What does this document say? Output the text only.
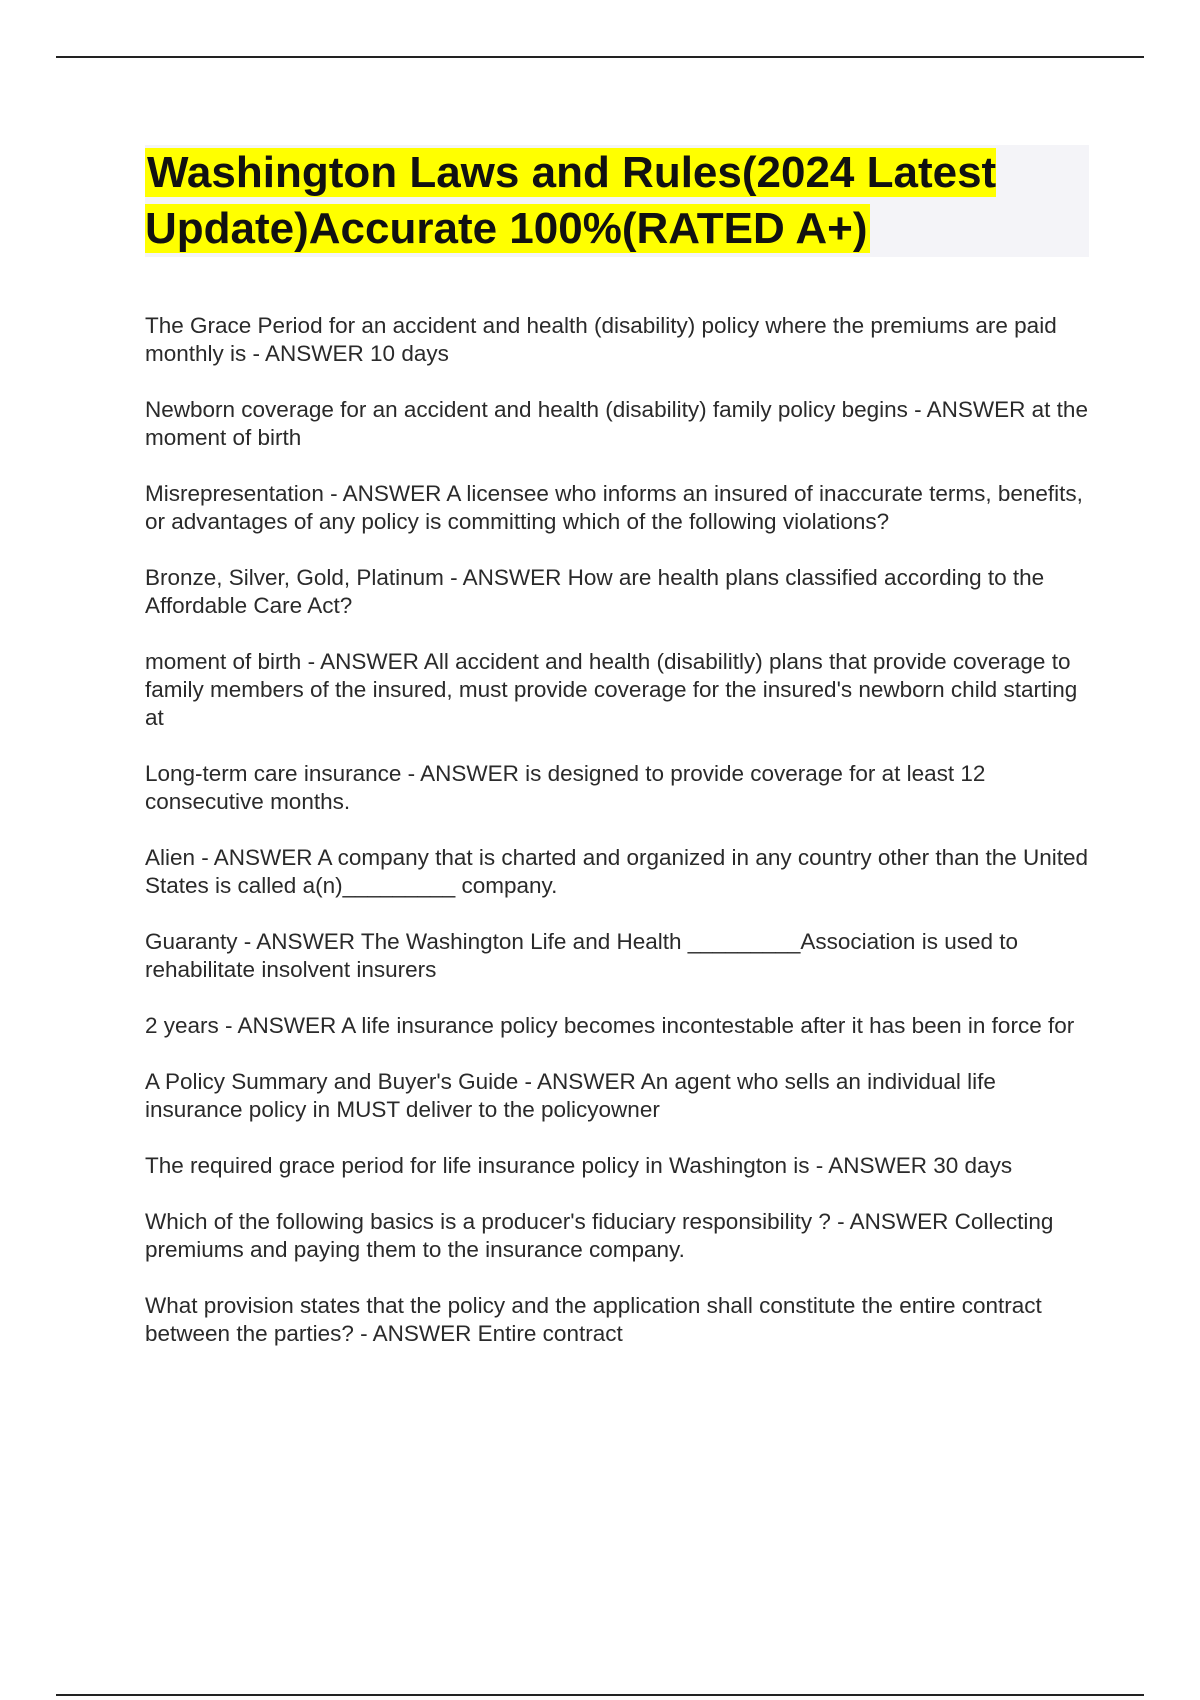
Washington Laws and Rules(2024 Latest Update)Accurate 100%(RATED A+)
The Grace Period for an accident and health (disability) policy where the premiums are paid monthly is - ANSWER 10 days
Newborn coverage for an accident and health (disability) family policy begins - ANSWER at the moment of birth
Misrepresentation - ANSWER A licensee who informs an insured of inaccurate terms, benefits, or advantages of any policy is committing which of the following violations?
Bronze, Silver, Gold, Platinum - ANSWER How are health plans classified according to the Affordable Care Act?
moment of birth - ANSWER All accident and health (disabilitly) plans that provide coverage to family members of the insured, must provide coverage for the insured's newborn child starting at
Long-term care insurance - ANSWER is designed to provide coverage for at least 12 consecutive months.
Alien - ANSWER A company that is charted and organized in any country other than the United States is called a(n)_________ company.
Guaranty - ANSWER The Washington Life and Health _________Association is used to rehabilitate insolvent insurers
2 years - ANSWER A life insurance policy becomes incontestable after it has been in force for
A Policy Summary and Buyer's Guide - ANSWER An agent who sells an individual life insurance policy in MUST deliver to the policyowner
The required grace period for life insurance policy in Washington is - ANSWER 30 days
Which of the following basics is a producer's fiduciary responsibility ? - ANSWER Collecting premiums and paying them to the insurance company.
What provision states that the policy and the application shall constitute the entire contract between the parties? - ANSWER Entire contract
